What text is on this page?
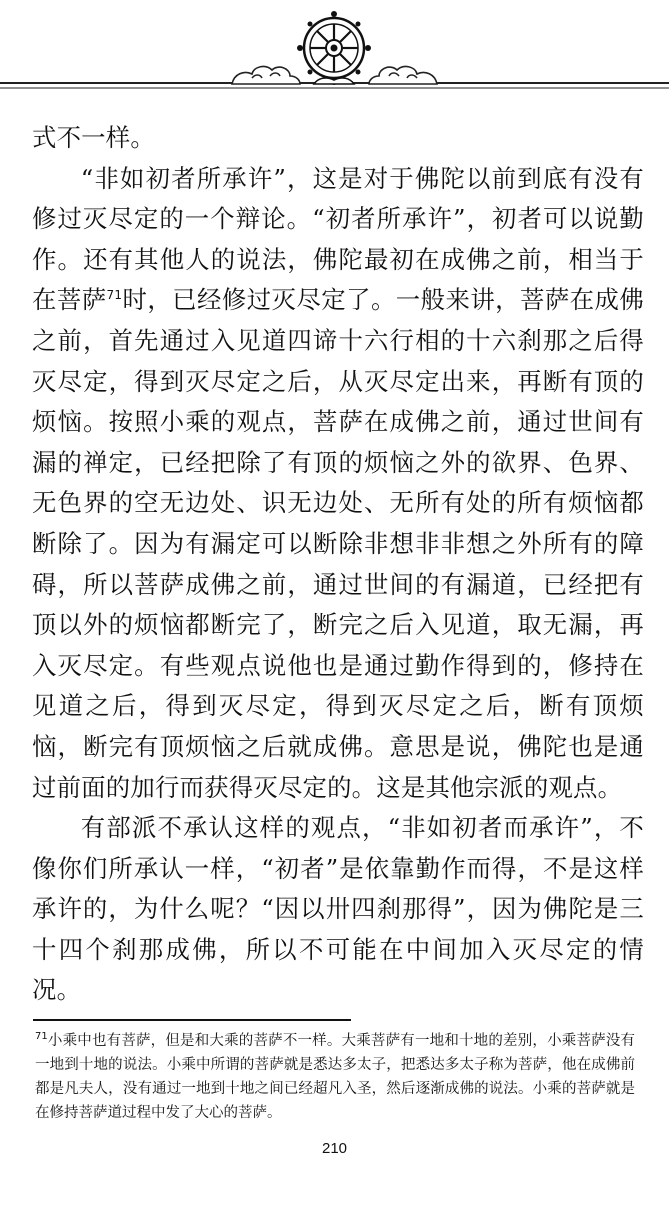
式不一样。

“非如初者所承许”，这是对于佛陀以前到底有没有修过灭尽定的一个辩论。“初者所承许”，初者可以说勤作。还有其他人的说法，佛陀最初在成佛之前，相当于在菩萨$^{71}$时，已经修过灭尽定了。一般来讲，菩萨在成佛之前，首先通过入见道四谛十六行相的十六刹那之后得灭尽定，得到灭尽定之后，从灭尽定出来，再断有顶的烦恼。按照小乘的观点，菩萨在成佛之前，通过世间有漏的禅定，已经把除了有顶的烦恼之外的欲界、色界、无色界的空无边处、识无边处、无所有处的所有烦恼都断除了。因为有漏定可以断除非想非非想之外所有的障碍，所以菩萨成佛之前，通过世间的有漏道，已经把有顶以外的烦恼都断完了，断完之后入见道，取无漏，再入灭尽定。有些观点说他也是通过勤作得到的，修持在见道之后，得到灭尽定，得到灭尽定之后，断有顶烦恼，断完有顶烦恼之后就成佛。意思是说，佛陀也是通过前面的加行而获得灭尽定的。这是其他宗派的观点。

有部派不承认这样的观点，“非如初者而承许”，不像你们所承认一样，“初者”是依靠勤作而得，不是这样承许的，为什么呢？“因以卅四刹那得”，因为佛陀是三十四个刹那成佛，所以不可能在中间加入灭尽定的情况。

$^{71}$小乘中也有菩萨，但是和大乘的菩萨不一样。大乘菩萨有一地和十地的差别，小乘菩萨没有一地到十地的说法。小乘中所谓的菩萨就是悉达多太子，把悉达多太子称为菩萨，他在成佛前都是凡夫人，没有通过一地到十地之间已经超凡入圣，然后逐渐成佛的说法。小乘的菩萨就是在修持菩萨道过程中发了大心的菩萨。
210
